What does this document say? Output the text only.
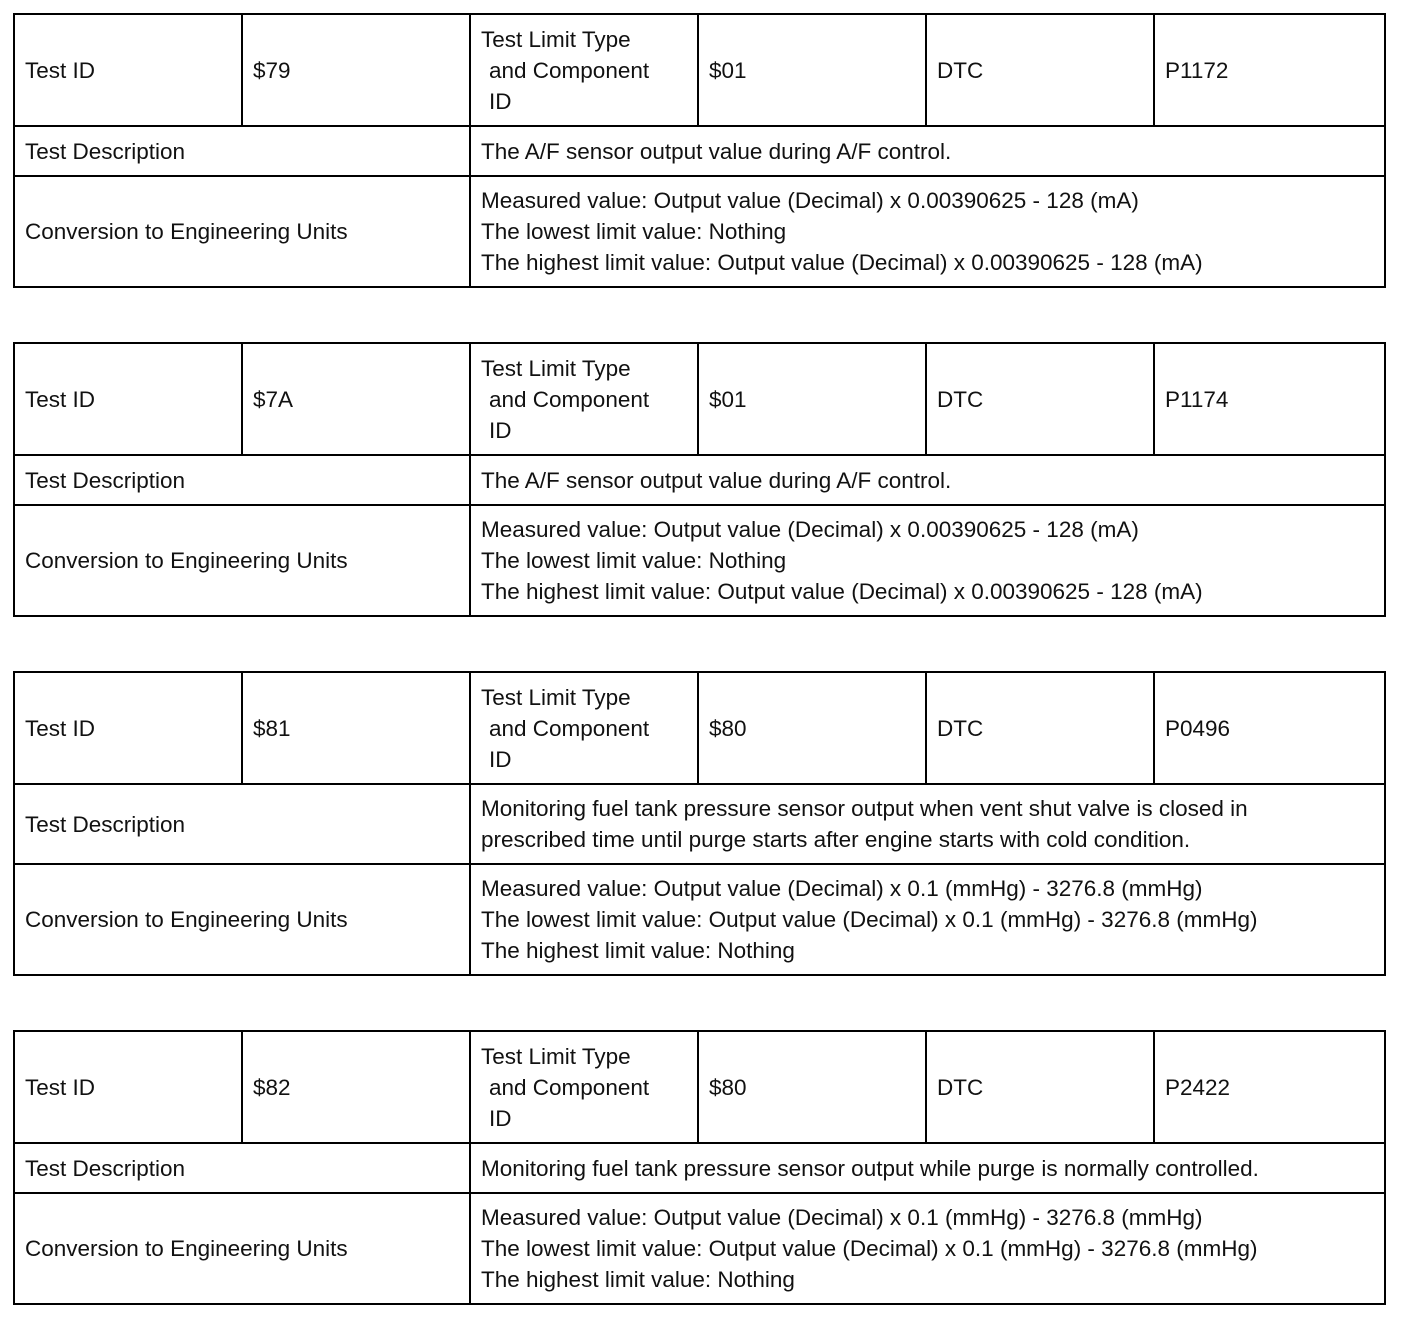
Test ID	$79	Test Limit Type
and Component
ID	$01	DTC	P1172
Test Description		The A/F sensor output value during A/F control.			

Conversion to Engineering Units		Measured value: Output value (Decimal) x 0.00390625 - 128 (mA)
The lowest limit value: Nothing
The highest limit value: Output value (Decimal) x 0.00390625 - 128 (mA)			
Test ID	$7A	Test Limit Type
and Component
ID	$01	DTC	P1174
Test Description		The A/F sensor output value during A/F control.			

Conversion to Engineering Units		Measured value: Output value (Decimal) x 0.00390625 - 128 (mA)
The lowest limit value: Nothing
The highest limit value: Output value (Decimal) x 0.00390625 - 128 (mA)			
Test ID	$81	Test Limit Type
and Component
ID	$80	DTC	P0496
Test Description		Monitoring fuel tank pressure sensor output when vent shut valve is closed in
prescribed time until purge starts after engine starts with cold condition.			

Conversion to Engineering Units		Measured value: Output value (Decimal) x 0.1 (mmHg) - 3276.8 (mmHg)
The lowest limit value: Output value (Decimal) x 0.1 (mmHg) - 3276.8 (mmHg)
The highest limit value: Nothing			
Test ID	$82	Test Limit Type
and Component
ID	$80	DTC	P2422
Test Description		Monitoring fuel tank pressure sensor output while purge is normally controlled.			

Conversion to Engineering Units		Measured value: Output value (Decimal) x 0.1 (mmHg) - 3276.8 (mmHg)
The lowest limit value: Output value (Decimal) x 0.1 (mmHg) - 3276.8 (mmHg)
The highest limit value: Nothing			
